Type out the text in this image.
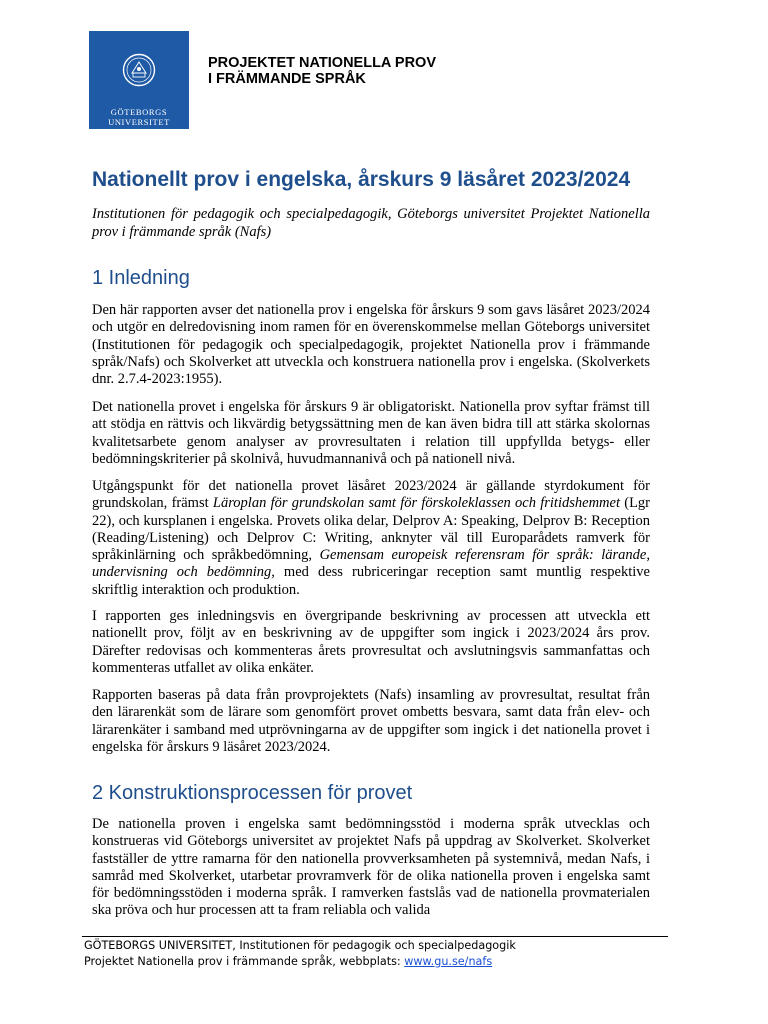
GÖTEBORGS
UNIVERSITET
PROJEKTET NATIONELLA PROV
I FRÄMMANDE SPRÅK
Nationellt prov i engelska, årskurs 9 läsåret 2023/2024
Institutionen för pedagogik och specialpedagogik, Göteborgs universitet Projektet Nationella prov i främmande språk (Nafs)
1 Inledning
Den här rapporten avser det nationella prov i engelska för årskurs 9 som gavs läsåret 2023/2024 och utgör en delredovisning inom ramen för en överenskommelse mellan Göteborgs universitet (Institutionen för pedagogik och specialpedagogik, projektet Nationella prov i främmande språk/Nafs) och Skolverket att utveckla och konstruera nationella prov i engelska. (Skolverkets dnr. 2.7.4-2023:1955).
Det nationella provet i engelska för årskurs 9 är obligatoriskt. Nationella prov syftar främst till att stödja en rättvis och likvärdig betygssättning men de kan även bidra till att stärka skolornas kvalitetsarbete genom analyser av provresultaten i relation till uppfyllda betygs- eller bedömningskriterier på skolnivå, huvudmannanivå och på nationell nivå.
Utgångspunkt för det nationella provet läsåret 2023/2024 är gällande styrdokument för grundskolan, främst Läroplan för grundskolan samt för förskoleklassen och fritidshemmet (Lgr 22), och kursplanen i engelska. Provets olika delar, Delprov A: Speaking, Delprov B: Reception (Reading/Listening) och Delprov C: Writing, anknyter väl till Europarådets ramverk för språkinlärning och språkbedömning, Gemensam europeisk referensram för språk: lärande, undervisning och bedömning, med dess rubriceringar reception samt muntlig respektive skriftlig interaktion och produktion.
I rapporten ges inledningsvis en övergripande beskrivning av processen att utveckla ett nationellt prov, följt av en beskrivning av de uppgifter som ingick i 2023/2024 års prov. Därefter redovisas och kommenteras årets provresultat och avslutningsvis sammanfattas och kommenteras utfallet av olika enkäter.
Rapporten baseras på data från provprojektets (Nafs) insamling av provresultat, resultat från den lärarenkät som de lärare som genomfört provet ombetts besvara, samt data från elev- och lärarenkäter i samband med utprövningarna av de uppgifter som ingick i det nationella provet i engelska för årskurs 9 läsåret 2023/2024.
2 Konstruktionsprocessen för provet
De nationella proven i engelska samt bedömningsstöd i moderna språk utvecklas och konstrueras vid Göteborgs universitet av projektet Nafs på uppdrag av Skolverket. Skolverket fastställer de yttre ramarna för den nationella provverksamheten på systemnivå, medan Nafs, i samråd med Skolverket, utarbetar provramverk för de olika nationella proven i engelska samt för bedömningsstöden i moderna språk. I ramverken fastslås vad de nationella provmaterialen ska pröva och hur processen att ta fram reliabla och valida
GÖTEBORGS UNIVERSITET, Institutionen för pedagogik och specialpedagogik
Projektet Nationella prov i främmande språk, webbplats: www.gu.se/nafs
